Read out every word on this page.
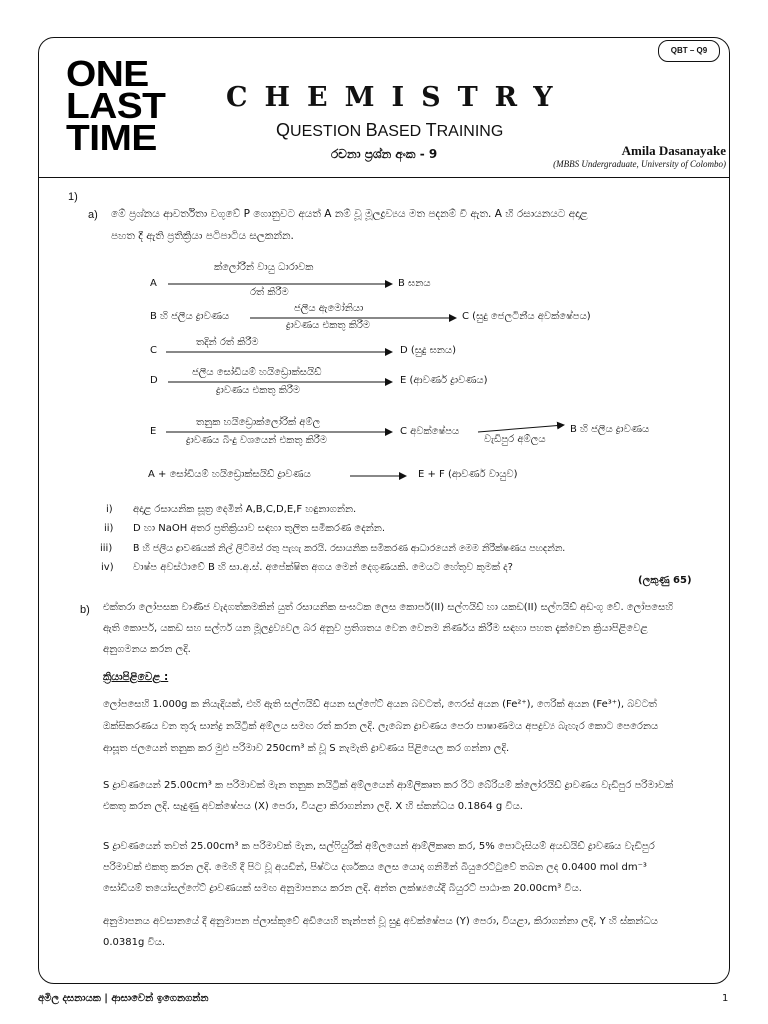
QBT – Q9
ONE
LAST
TIME
CHEMISTRY
QUESTION BASED TRAINING
රචනා ප්‍රශ්න අංක - 9	Amila Dasanayake
(MBBS Undergraduate, University of Colombo)
1)
a) මේ ප්‍රශ්නය ආවර්තිතා වගුවේ P ගොනුවට අයත් A නම් වූ මූලද්‍රව්‍යය මත පදනම් වී ඇත. A හි රසායනයට අදාළ
පහත දී ඇති ප්‍රතික්‍රියා පටිපාටිය සලකන්න.
ක්ලෝරීන් වායු ධාරාවක
රත් කිරීම
A	B ඝනය
B හි ජලීය ද්‍රාවණය
ජලීය ඇමෝනියා
ද්‍රාවණය එකතු කිරීම
C (සුදු ජෙලටිනීය අවක්ෂේපය)
C
තදින් රත් කිරීම
D (සුදු ඝනය)
D
ජලීය සෝඩියම් හයිඩ්‍රොක්සයිඩ්
ද්‍රාවණය එකතු කිරීම
E (ආවර්ණ ද්‍රාවණය)
E
තනුක හයිඩ්‍රොක්ලෝරික් අම්ල
ද්‍රාවණය බිංදු වශයෙන් එකතු කිරීම
C අවක්ෂේපය
වැඩිපුර අම්ලය
B හි ජලීය ද්‍රාවණය
A + සෝඩියම් හයිඩ්‍රොක්සයිඩ් ද්‍රාවණය	E + F (ආවර්ණ වායුව)
i) අදාළ රසායනික සූත්‍ර දෙමින් A,B,C,D,E,F හඳුනාගන්න.
ii) D හා NaOH අතර ප්‍රතික්‍රියාව සඳහා තුලිත සමීකරණ දෙන්න.
iii) B හි ජලීය ද්‍රාවණයක් නිල් ලිට්මස් රතු පැහැ කරයි. රසායනික සමීකරණ ආධාරයෙන් මෙම නිරීක්ෂණය පහදන්න.
iv) වාෂ්ප අවස්ථාවේ B හි සා.අ.ස්. අපේක්ෂිත අගය මෙන් දෙගුණයකි. මෙයට හේතුව කුමක් ද?
(ලකුණු 65)
b) එක්තරා ලෝපසක වාණිජ වැදගත්කමකින් යුත් රසායනික සංඝටක ලෙස කොපර්(II) සල්ෆයිඩ් හා යකඩ(II) සල්ෆයිඩ් අඩංගු වේ. ලෝපසෙහි ඇති කොපර්, යකඩ සහ සල්ෆර් යන මූලද්‍රව්‍යවල බර අනුව ප්‍රතිශතය වෙන වෙනම නිර්ණය කිරීම සඳහා පහත දැක්වෙන ක්‍රියාපිළිවෙළ අනුගමනය කරන ලදි.
ක්‍රියාපිළිවෙළ :
ලෝපසෙහි 1.000g ක නියැදියක්, එහි ඇති සල්ෆයිඩ් අයන සල්ෆේට් අයන බවටත්, ෆෙරස් අයන (Fe²⁺), ෆෙරික් අයන (Fe³⁺), බවටත් ඔක්සිකරණය වන තුරු සාන්ද්‍ර නයිට්‍රික් අම්ලය සමඟ රත් කරන ලදි. ලැබෙන ද්‍රාවණය පෙරා පාෂාණමය අපද්‍රව්‍ය බැහැර කොට පෙරෙනය ආසූත ජලයෙන් තනුක කර මුළු පරිමාව 250cm³ ක් වූ S නැමැති ද්‍රාවණය පිළියෙල කර ගන්නා ලදි.
S ද්‍රාවණයෙන් 25.00cm³ ක පරිමාවක් මැන තනුක නයිට්‍රික් අම්ලයෙන් ආම්ලිකෘත කර රිට බේරියම් ක්ලෝරයිඩ් ද්‍රාවණය වැඩිපුර පරිමාවක් එකතු කරන ලදි. සෑදුණු අවක්ෂේපය (X) පෙරා, වියළා කිරාගන්නා ලදි. X හි ස්කන්ධය 0.1864 g විය.
S ද්‍රාවණයෙන් තවත් 25.00cm³ ක පරිමාවක් මැන, සල්ෆියුරික් අම්ලයෙන් ආම්ලිකෘත කර, 5% පොටෑසියම් අයඩයිඩ් ද්‍රාවණය වැඩිපුර පරිමාවක් එකතු කරන ලදි. මෙහි දී පිට වූ අයඩින්, පිෂ්ටය දර්ශකය ලෙස යොදා ගනිමින් බියුරෙට්ටුවේ තබන ලද 0.0400 mol dm⁻³ සෝඩියම් තයෝසල්ෆේට් ද්‍රාවණයක් සමඟ අනුමාපනය කරන ලදි. අන්ත ලක්ෂ්‍යයේදී බියුරට් පාඨාංක 20.00cm³ විය.
අනුමාපනය අවසානයේ දී අනුමාපන ප්ලාස්කුවේ අඩියෙහි තැන්පත් වූ සුදු අවක්ෂේපය (Y) පෙරා, වියළා, කිරාගන්නා ලදි, Y හි ස්කන්ධය 0.0381g විය.
අමිල දසනායක | ආසාවෙන් ඉගෙනගන්න	1
